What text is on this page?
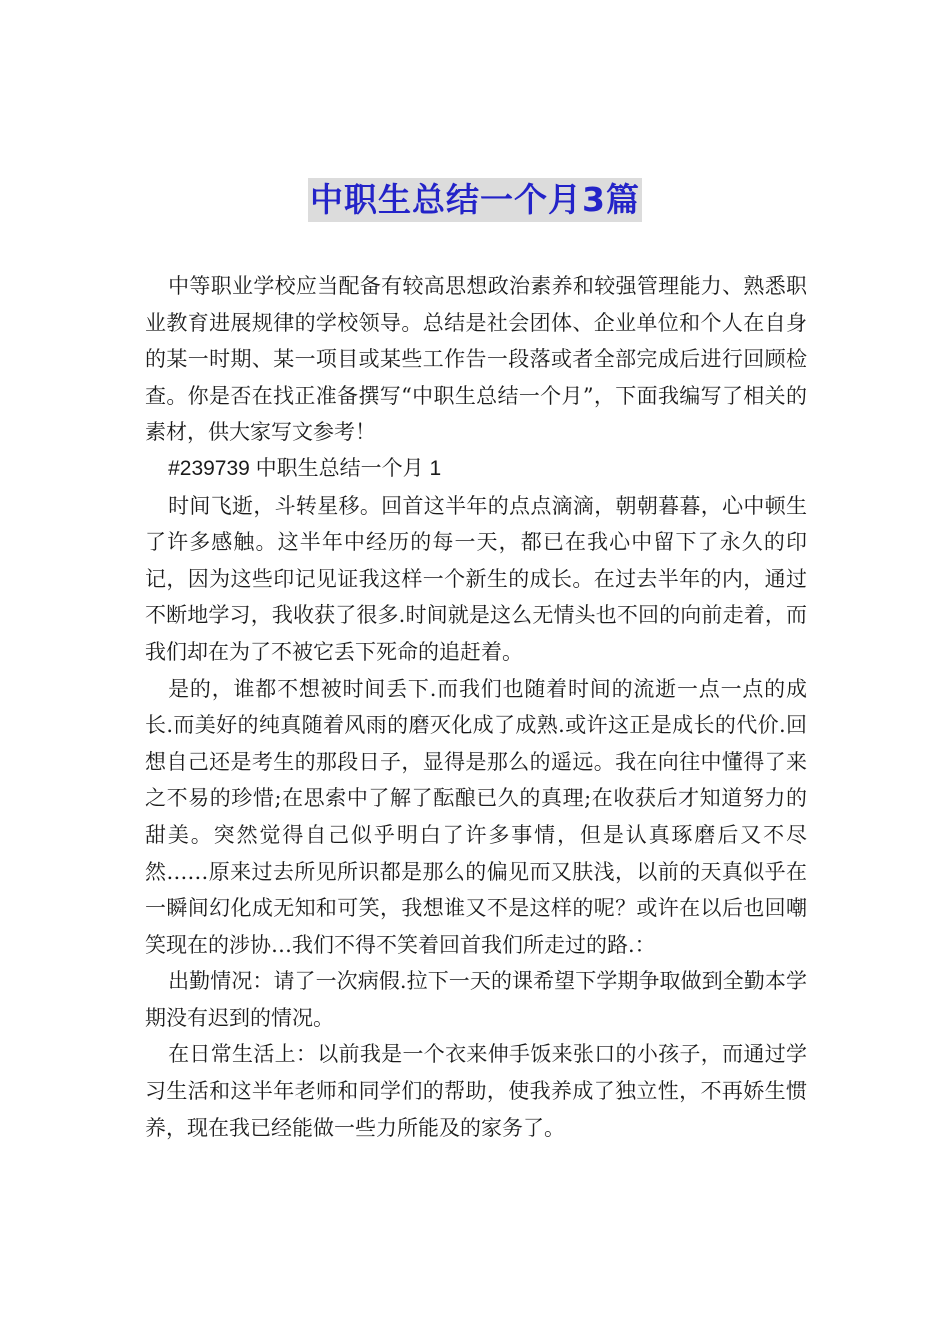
中职生总结一个月3篇

中等职业学校应当配备有较高思想政治素养和较强管理能力、熟悉职业教育进展规律的学校领导。总结是社会团体、企业单位和个人在自身的某一时期、某一项目或某些工作告一段落或者全部完成后进行回顾检查。你是否在找正准备撰写“中职生总结一个月”，下面我编写了相关的素材，供大家写文参考！

#239739 中职生总结一个月 1

时间飞逝，斗转星移。回首这半年的点点滴滴，朝朝暮暮，心中顿生了许多感触。这半年中经历的每一天，都已在我心中留下了永久的印记，因为这些印记见证我这样一个新生的成长。在过去半年的内，通过不断地学习，我收获了很多.时间就是这么无情头也不回的向前走着，而我们却在为了不被它丢下死命的追赶着。

是的，谁都不想被时间丢下.而我们也随着时间的流逝一点一点的成长.而美好的纯真随着风雨的磨灭化成了成熟.或许这正是成长的代价.回想自己还是考生的那段日子，显得是那么的遥远。我在向往中懂得了来之不易的珍惜;在思索中了解了酝酿已久的真理;在收获后才知道努力的甜美。突然觉得自己似乎明白了许多事情，但是认真琢磨后又不尽然……原来过去所见所识都是那么的偏见而又肤浅，以前的天真似乎在一瞬间幻化成无知和可笑，我想谁又不是这样的呢？或许在以后也回嘲笑现在的涉协…我们不得不笑着回首我们所走过的路.：

出勤情况：请了一次病假.拉下一天的课希望下学期争取做到全勤本学期没有迟到的情况。

在日常生活上：以前我是一个衣来伸手饭来张口的小孩子，而通过学习生活和这半年老师和同学们的帮助，使我养成了独立性，不再娇生惯养，现在我已经能做一些力所能及的家务了。
